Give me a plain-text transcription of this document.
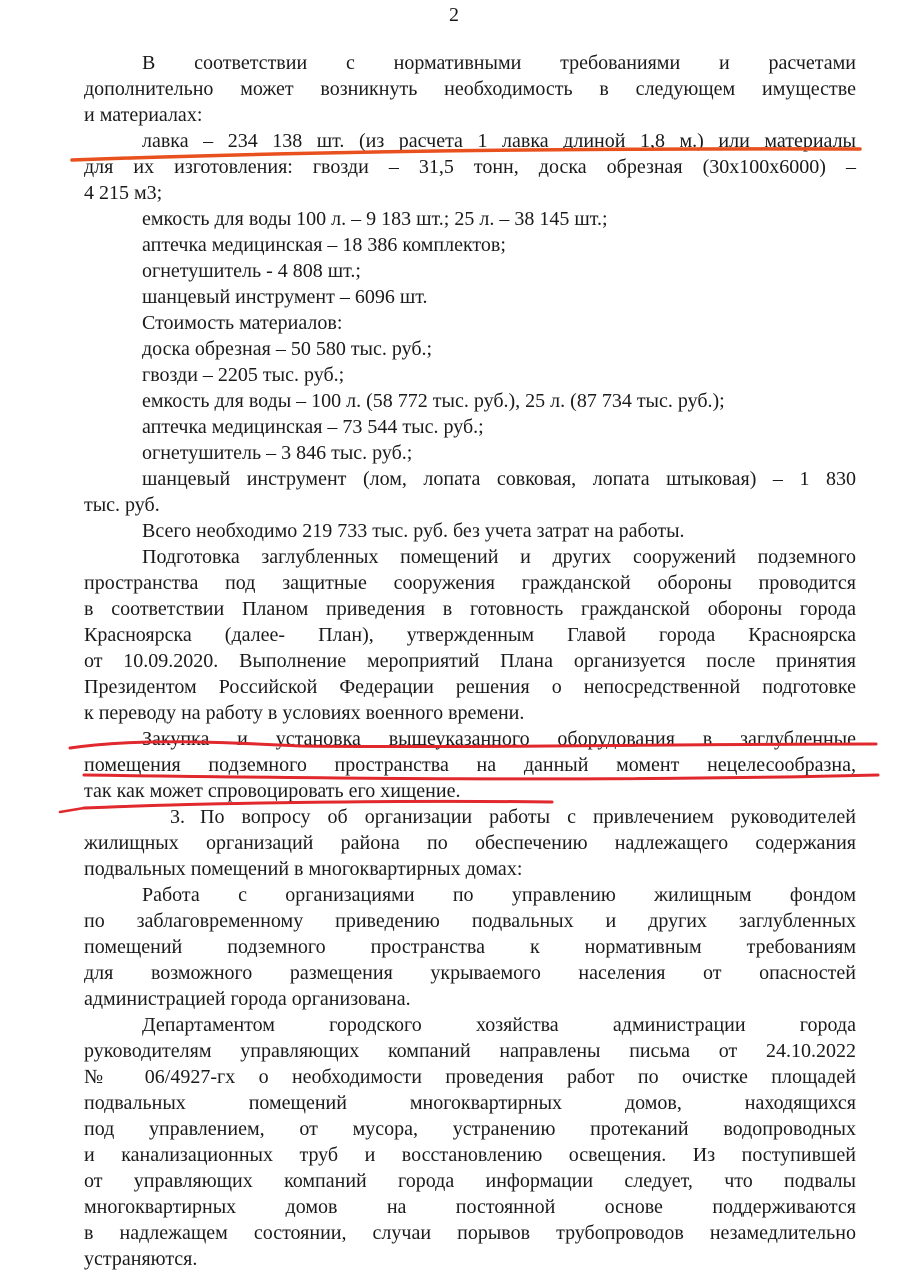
2
В соответствии с нормативными требованиями и расчетами
дополнительно может возникнуть необходимость в следующем имуществе
и материалах:
лавка – 234 138 шт. (из расчета 1 лавка длиной 1,8 м.) или материалы
для их изготовления: гвозди – 31,5 тонн, доска обрезная (30х100х6000) –
4 215 м3;
емкость для воды 100 л. – 9 183 шт.; 25 л. – 38 145 шт.;
аптечка медицинская – 18 386 комплектов;
огнетушитель - 4 808 шт.;
шанцевый инструмент – 6096 шт.
Стоимость материалов:
доска обрезная – 50 580 тыс. руб.;
гвозди – 2205 тыс. руб.;
емкость для воды – 100 л. (58 772 тыс. руб.), 25 л. (87 734 тыс. руб.);
аптечка медицинская – 73 544 тыс. руб.;
огнетушитель – 3 846 тыс. руб.;
шанцевый инструмент (лом, лопата совковая, лопата штыковая) – 1 830
тыс. руб.
Всего необходимо 219 733 тыс. руб. без учета затрат на работы.
Подготовка заглубленных помещений и других сооружений подземного
пространства под защитные сооружения гражданской обороны проводится
в соответствии Планом приведения в готовность гражданской обороны города
Красноярска (далее- План), утвержденным Главой города Красноярска
от 10.09.2020. Выполнение мероприятий Плана организуется после принятия
Президентом Российской Федерации решения о непосредственной подготовке
к переводу на работу в условиях военного времени.
Закупка и установка вышеуказанного оборудования в заглубленные
помещения подземного пространства на данный момент нецелесообразна,
так как может спровоцировать его хищение.
3. По вопросу об организации работы с привлечением руководителей
жилищных организаций района по обеспечению надлежащего содержания
подвальных помещений в многоквартирных домах:
Работа с организациями по управлению жилищным фондом
по заблаговременному приведению подвальных и других заглубленных
помещений подземного пространства к нормативным требованиям
для возможного размещения укрываемого населения от опасностей
администрацией города организована.
Департаментом городского хозяйства администрации города
руководителям управляющих компаний направлены письма от 24.10.2022
№ 06/4927-гх о необходимости проведения работ по очистке площадей
подвальных помещений многоквартирных домов, находящихся
под управлением, от мусора, устранению протеканий водопроводных
и канализационных труб и восстановлению освещения. Из поступившей
от управляющих компаний города информации следует, что подвалы
многоквартирных домов на постоянной основе поддерживаются
в надлежащем состоянии, случаи порывов трубопроводов незамедлительно
устраняются.
